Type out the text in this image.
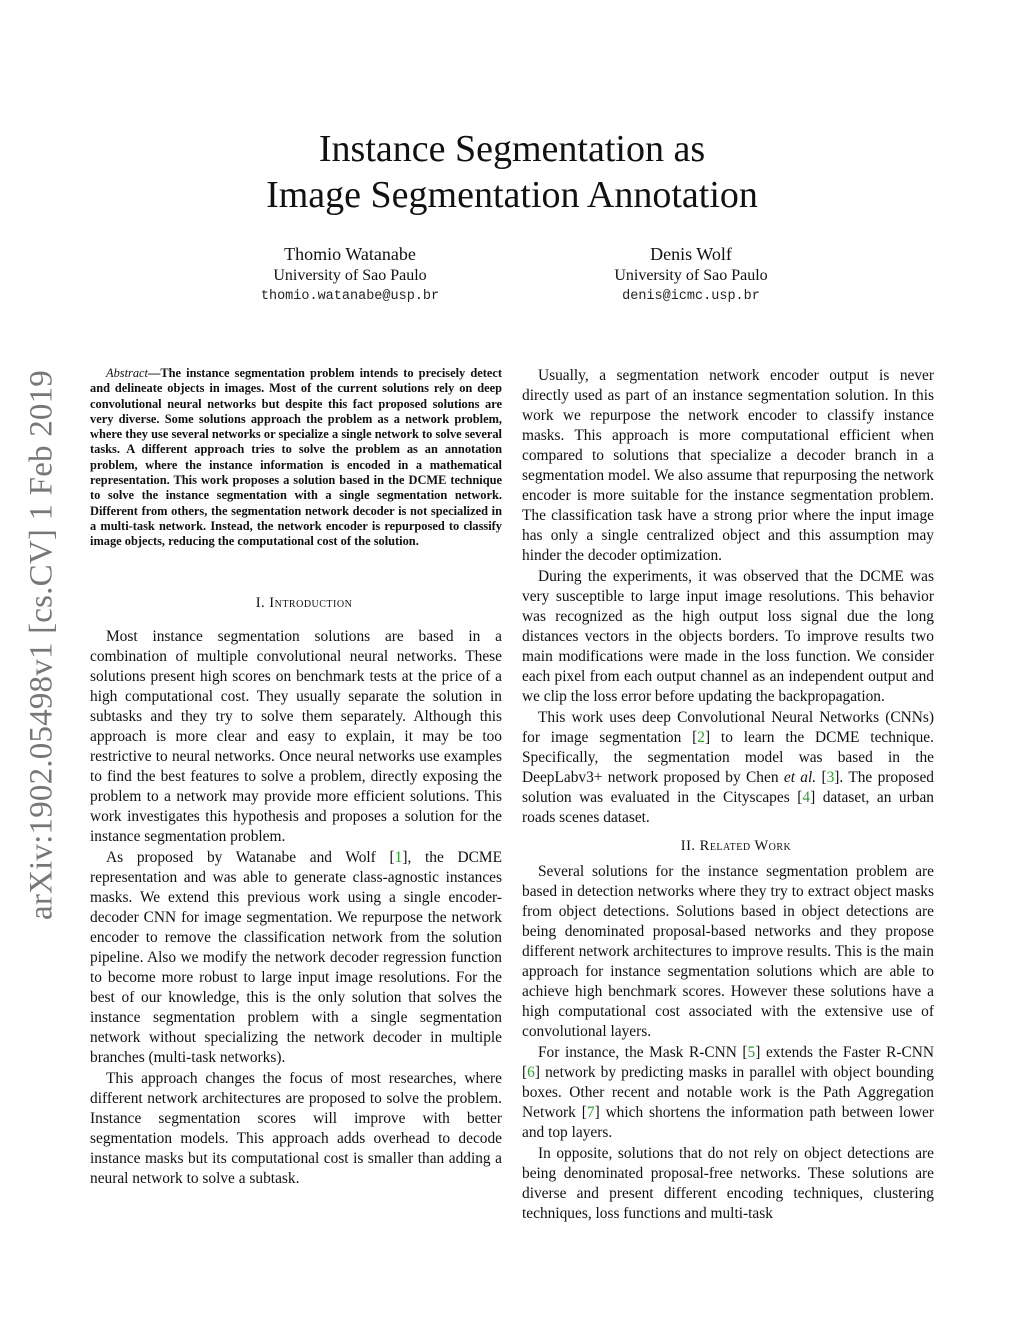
arXiv:1902.05498v1 [cs.CV] 1 Feb 2019
Instance Segmentation as
Image Segmentation Annotation
Thomio Watanabe
University of Sao Paulo
thomio.watanabe@usp.br
Denis Wolf
University of Sao Paulo
denis@icmc.usp.br

Abstract—The instance segmentation problem intends to precisely detect and delineate objects in images. Most of the current solutions rely on deep convolutional neural networks but despite this fact proposed solutions are very diverse. Some solutions approach the problem as a network problem, where they use several networks or specialize a single network to solve several tasks. A different approach tries to solve the problem as an annotation problem, where the instance information is encoded in a mathematical representation. This work proposes a solution based in the DCME technique to solve the instance segmentation with a single segmentation network. Different from others, the segmentation network decoder is not specialized in a multi-task network. Instead, the network encoder is repurposed to classify image objects, reducing the computational cost of the solution.

I. Introduction

Most instance segmentation solutions are based in a combination of multiple convolutional neural networks. These solutions present high scores on benchmark tests at the price of a high computational cost. They usually separate the solution in subtasks and they try to solve them separately. Although this approach is more clear and easy to explain, it may be too restrictive to neural networks. Once neural networks use examples to find the best features to solve a problem, directly exposing the problem to a network may provide more efficient solutions. This work investigates this hypothesis and proposes a solution for the instance segmentation problem.

As proposed by Watanabe and Wolf [1], the DCME representation and was able to generate class-agnostic instances masks. We extend this previous work using a single encoder-decoder CNN for image segmentation. We repurpose the network encoder to remove the classification network from the solution pipeline. Also we modify the network decoder regression function to become more robust to large input image resolutions. For the best of our knowledge, this is the only solution that solves the instance segmentation problem with a single segmentation network without specializing the network decoder in multiple branches (multi-task networks).

This approach changes the focus of most researches, where different network architectures are proposed to solve the problem. Instance segmentation scores will improve with better segmentation models. This approach adds overhead to decode instance masks but its computational cost is smaller than adding a neural network to solve a subtask.

Usually, a segmentation network encoder output is never directly used as part of an instance segmentation solution. In this work we repurpose the network encoder to classify instance masks. This approach is more computational efficient when compared to solutions that specialize a decoder branch in a segmentation model. We also assume that repurposing the network encoder is more suitable for the instance segmentation problem. The classification task have a strong prior where the input image has only a single centralized object and this assumption may hinder the decoder optimization.

During the experiments, it was observed that the DCME was very susceptible to large input image resolutions. This behavior was recognized as the high output loss signal due the long distances vectors in the objects borders. To improve results two main modifications were made in the loss function. We consider each pixel from each output channel as an independent output and we clip the loss error before updating the backpropagation.

This work uses deep Convolutional Neural Networks (CNNs) for image segmentation [2] to learn the DCME technique. Specifically, the segmentation model was based in the DeepLabv3+ network proposed by Chen et al. [3]. The proposed solution was evaluated in the Cityscapes [4] dataset, an urban roads scenes dataset.

II. Related Work

Several solutions for the instance segmentation problem are based in detection networks where they try to extract object masks from object detections. Solutions based in object detections are being denominated proposal-based networks and they propose different network architectures to improve results. This is the main approach for instance segmentation solutions which are able to achieve high benchmark scores. However these solutions have a high computational cost associated with the extensive use of convolutional layers.

For instance, the Mask R-CNN [5] extends the Faster R-CNN [6] network by predicting masks in parallel with object bounding boxes. Other recent and notable work is the Path Aggregation Network [7] which shortens the information path between lower and top layers.

In opposite, solutions that do not rely on object detections are being denominated proposal-free networks. These solutions are diverse and present different encoding techniques, clustering techniques, loss functions and multi-task
